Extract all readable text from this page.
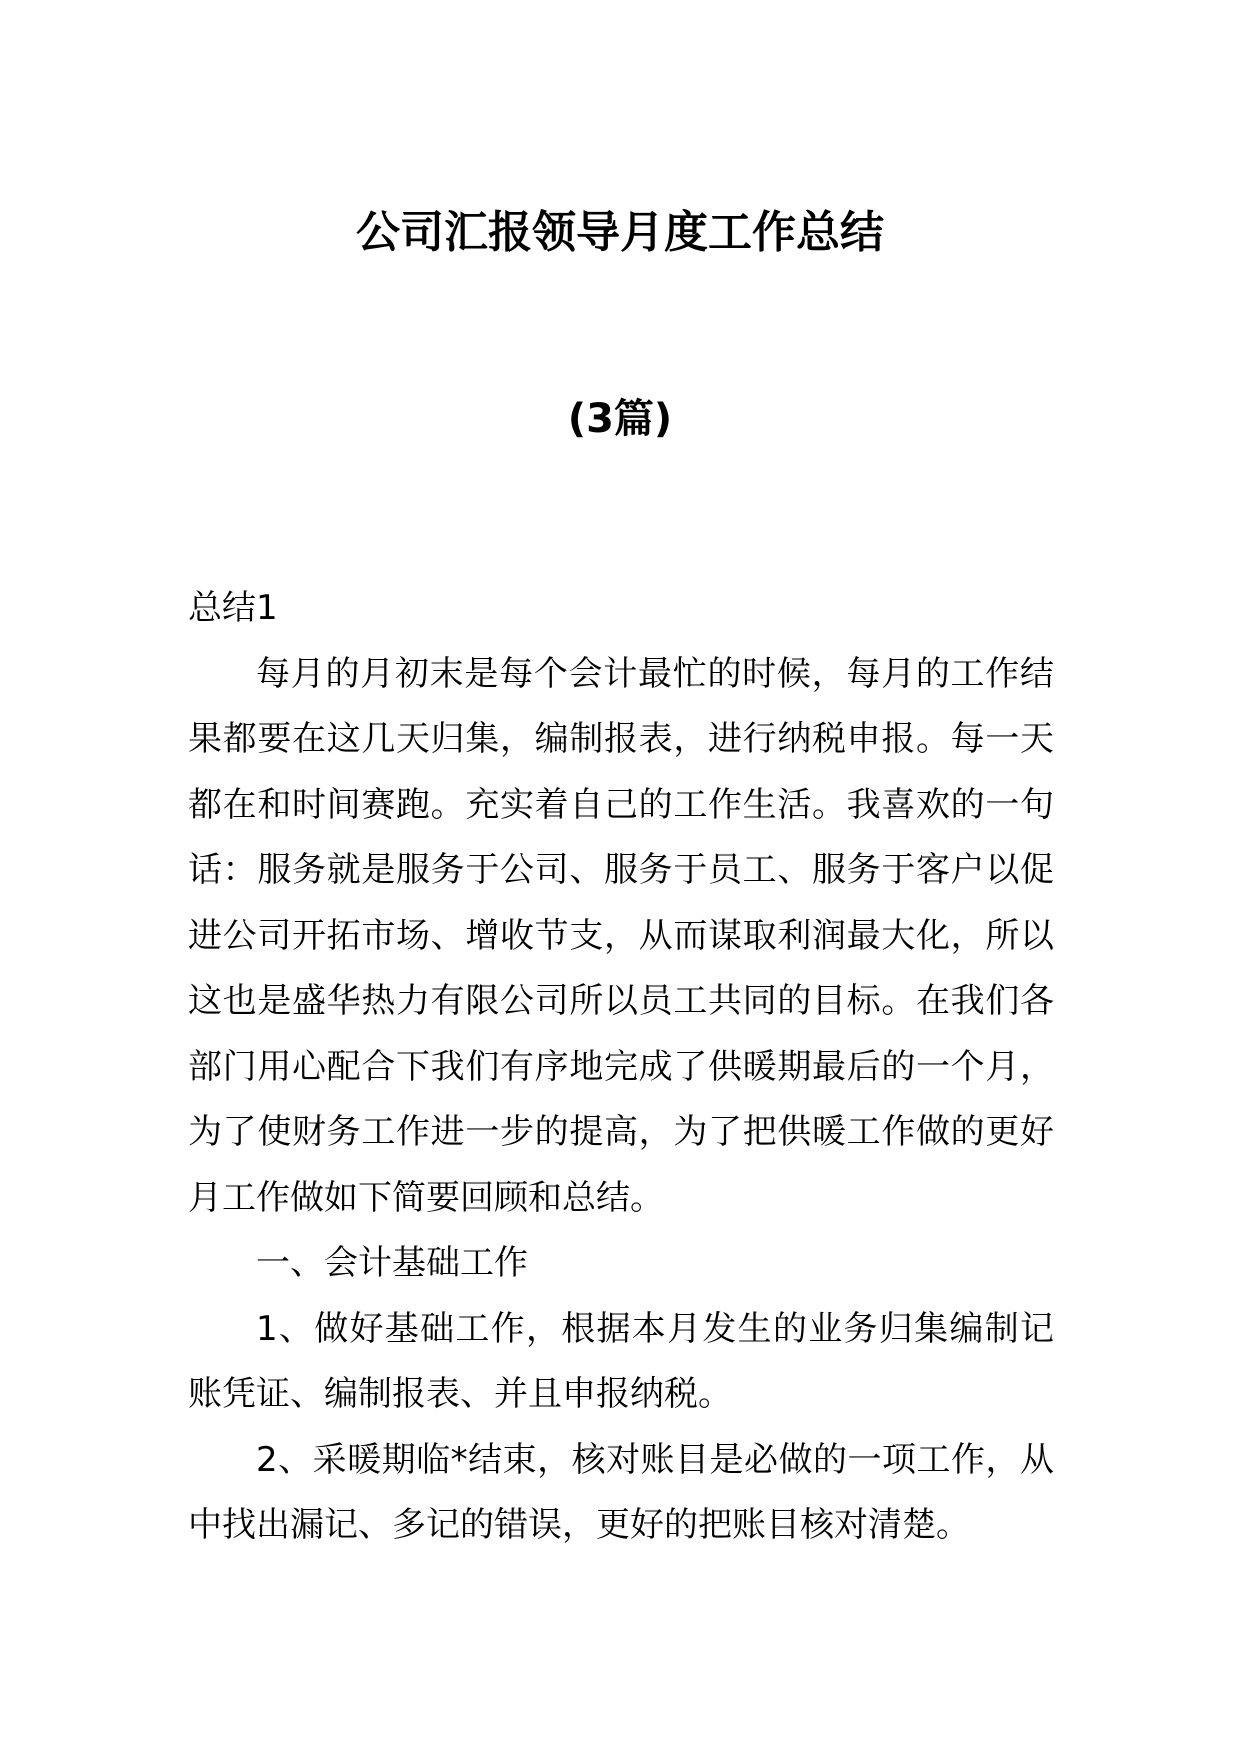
公司汇报领导月度工作总结
(3篇)

总结1

每月的月初末是每个会计最忙的时候，每月的工作结果都要在这几天归集，编制报表，进行纳税申报。每一天都在和时间赛跑。充实着自己的工作生活。我喜欢的一句话：服务就是服务于公司、服务于员工、服务于客户以促进公司开拓市场、增收节支，从而谋取利润最大化，所以这也是盛华热力有限公司所以员工共同的目标。在我们各部门用心配合下我们有序地完成了供暖期最后的一个月，为了使财务工作进一步的提高，为了把供暖工作做的更好月工作做如下简要回顾和总结。

一、会计基础工作

1、做好基础工作，根据本月发生的业务归集编制记账凭证、编制报表、并且申报纳税。

2、采暖期临*结束，核对账目是必做的一项工作，从中找出漏记、多记的错误，更好的把账目核对清楚。
